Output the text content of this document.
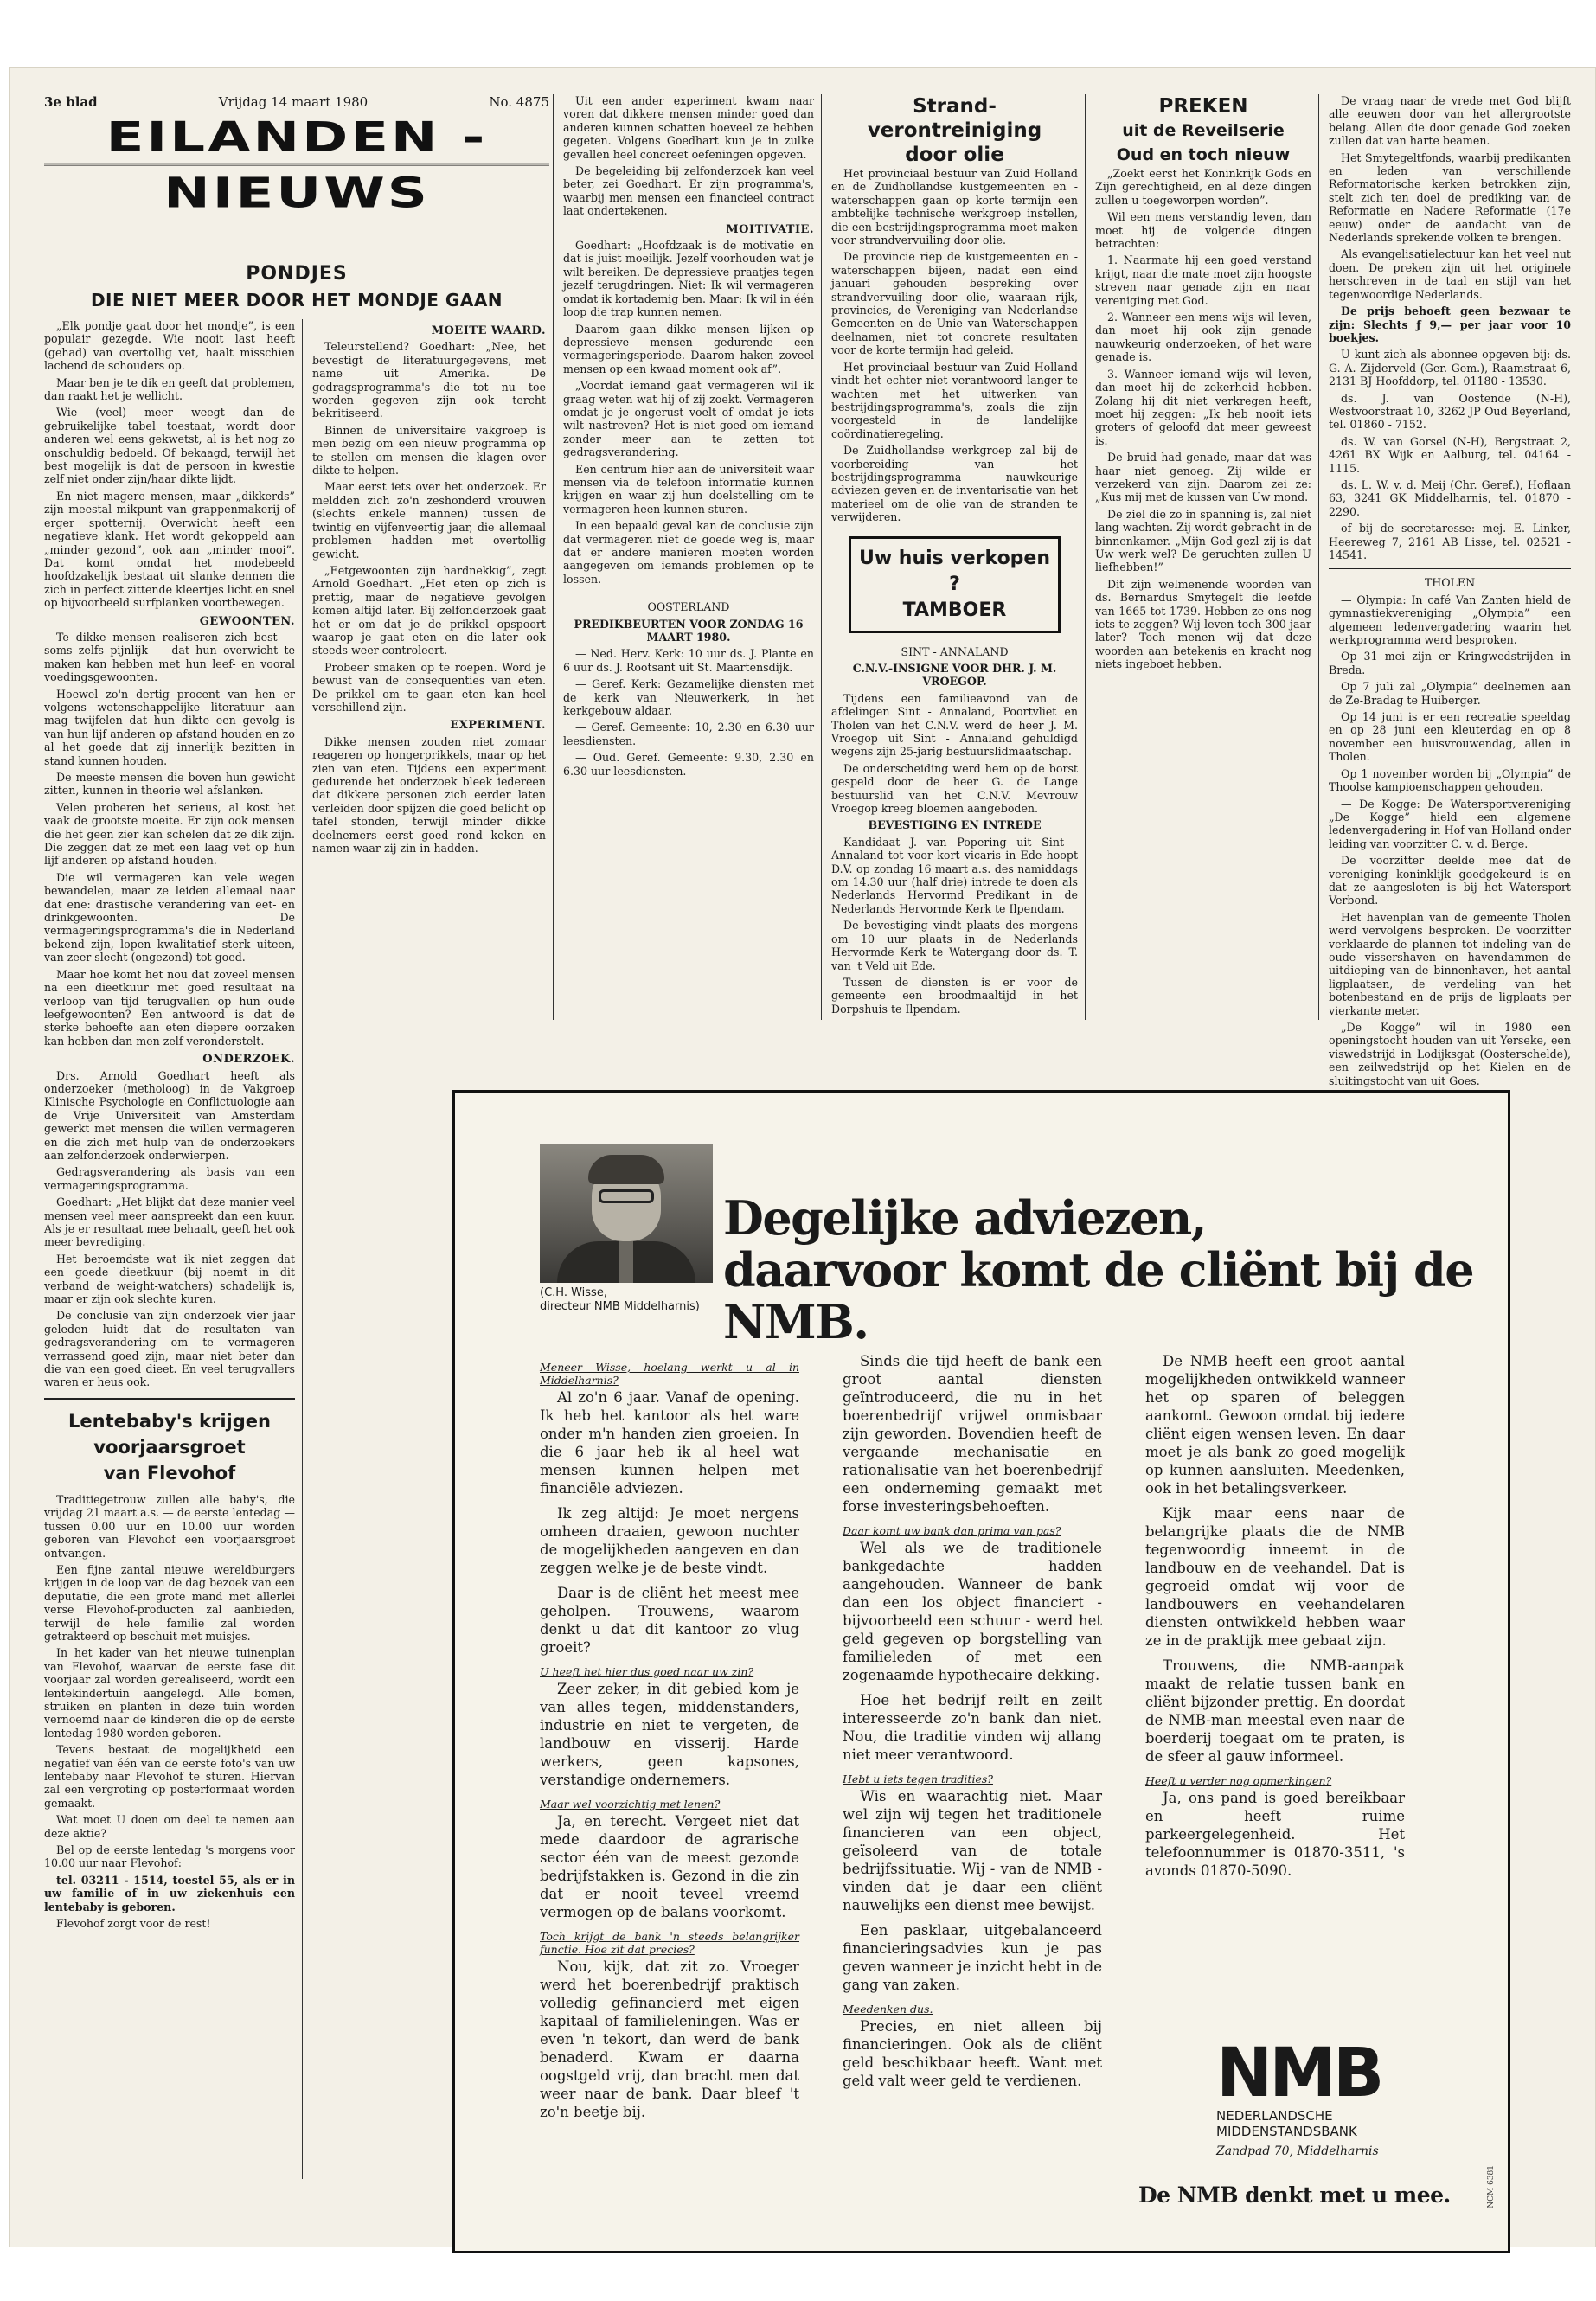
3e blad	Vrijdag 14 maart 1980	No. 4875
EILANDEN - NIEUWS
PONDJES
DIE NIET MEER DOOR HET MONDJE GAAN

„Elk pondje gaat door het mondje”, is een populair gezegde. Wie nooit last heeft (gehad) van overtollig vet, haalt misschien lachend de schouders op.

Maar ben je te dik en geeft dat problemen, dan raakt het je wellicht.

Wie (veel) meer weegt dan de gebruikelijke tabel toestaat, wordt door anderen wel eens gekwetst, al is het nog zo onschuldig bedoeld. Of bekaagd, terwijl het best mogelijk is dat de persoon in kwestie zelf niet onder zijn/haar dikte lijdt.

En niet magere mensen, maar „dikkerds” zijn meestal mikpunt van grappenmakerij of erger spotternij. Overwicht heeft een negatieve klank. Het wordt gekoppeld aan „minder gezond”, ook aan „minder mooi”. Dat komt omdat het modebeeld hoofdzakelijk bestaat uit slanke dennen die zich in perfect zittende kleertjes licht en snel op bijvoorbeeld surfplanken voortbewegen.

GEWOONTEN.

Te dikke mensen realiseren zich best — soms zelfs pijnlijk — dat hun overwicht te maken kan hebben met hun leef- en vooral voedingsgewoonten.

Hoewel zo'n dertig procent van hen er volgens wetenschappelijke literatuur aan mag twijfelen dat hun dikte een gevolg is van hun lijf anderen op afstand houden en zo al het goede dat zij innerlijk bezitten in stand kunnen houden.

De meeste mensen die boven hun gewicht zitten, kunnen in theorie wel afslanken.

Velen proberen het serieus, al kost het vaak de grootste moeite. Er zijn ook mensen die het geen zier kan schelen dat ze dik zijn. Die zeggen dat ze met een laag vet op hun lijf anderen op afstand houden.

Die wil vermageren kan vele wegen bewandelen, maar ze leiden allemaal naar dat ene: drastische verandering van eet- en drinkgewoonten. De vermageringsprogramma's die in Nederland bekend zijn, lopen kwalitatief sterk uiteen, van zeer slecht (ongezond) tot goed.

Maar hoe komt het nou dat zoveel mensen na een dieetkuur met goed resultaat na verloop van tijd terugvallen op hun oude leefgewoonten? Een antwoord is dat de sterke behoefte aan eten diepere oorzaken kan hebben dan men zelf veronderstelt.

ONDERZOEK.

Drs. Arnold Goedhart heeft als onderzoeker (metholoog) in de Vakgroep Klinische Psychologie en Conflictuologie aan de Vrije Universiteit van Amsterdam gewerkt met mensen die willen vermageren en die zich met hulp van de onderzoekers aan zelfonderzoek onderwierpen.

Gedragsverandering als basis van een vermageringsprogramma.

Goedhart: „Het blijkt dat deze manier veel mensen veel meer aanspreekt dan een kuur. Als je er resultaat mee behaalt, geeft het ook meer bevrediging.

Het beroemdste wat ik niet zeggen dat een goede dieetkuur (bij noemt in dit verband de weight-watchers) schadelijk is, maar er zijn ook slechte kuren.

De conclusie van zijn onderzoek vier jaar geleden luidt dat de resultaten van gedragsverandering om te vermageren verrassend goed zijn, maar niet beter dan die van een goed dieet. En veel terugvallers waren er heus ook.

Lentebaby's krijgen
voorjaarsgroet
van Flevohof

Traditiegetrouw zullen alle baby's, die vrijdag 21 maart a.s. — de eerste lentedag — tussen 0.00 uur en 10.00 uur worden geboren van Flevohof een voorjaarsgroet ontvangen.

Een fijne zantal nieuwe wereldburgers krijgen in de loop van de dag bezoek van een deputatie, die een grote mand met allerlei verse Flevohof-producten zal aanbieden, terwijl de hele familie zal worden getrakteerd op beschuit met muisjes.

In het kader van het nieuwe tuinenplan van Flevohof, waarvan de eerste fase dit voorjaar zal worden gerealiseerd, wordt een lentekindertuin aangelegd. Alle bomen, struiken en planten in deze tuin worden vernoemd naar de kinderen die op de eerste lentedag 1980 worden geboren.

Tevens bestaat de mogelijkheid een negatief van één van de eerste foto's van uw lentebaby naar Flevohof te sturen. Hiervan zal een vergroting op posterformaat worden gemaakt.

Wat moet U doen om deel te nemen aan deze aktie?

Bel op de eerste lentedag 's morgens voor 10.00 uur naar Flevohof:

tel. 03211 - 1514, toestel 55, als er in uw familie of in uw ziekenhuis een lentebaby is geboren.

Flevohof zorgt voor de rest!

MOEITE WAARD.

Teleurstellend? Goedhart: „Nee, het bevestigt de literatuurgegevens, met name uit Amerika. De gedragsprogramma's die tot nu toe worden gegeven zijn ook tercht bekritiseerd.

Binnen de universitaire vakgroep is men bezig om een nieuw programma op te stellen om mensen die klagen over dikte te helpen.

Maar eerst iets over het onderzoek. Er meldden zich zo'n zeshonderd vrouwen (slechts enkele mannen) tussen de twintig en vijfenveertig jaar, die allemaal problemen hadden met overtollig gewicht.

„Eetgewoonten zijn hardnekkig”, zegt Arnold Goedhart. „Het eten op zich is prettig, maar de negatieve gevolgen komen altijd later. Bij zelfonderzoek gaat het er om dat je de prikkel opspoort waarop je gaat eten en die later ook steeds weer controleert.

Probeer smaken op te roepen. Word je bewust van de consequenties van eten. De prikkel om te gaan eten kan heel verschillend zijn.

EXPERIMENT.

Dikke mensen zouden niet zomaar reageren op hongerprikkels, maar op het zien van eten. Tijdens een experiment gedurende het onderzoek bleek iedereen dat dikkere personen zich eerder laten verleiden door spijzen die goed belicht op tafel stonden, terwijl minder dikke deelnemers eerst goed rond keken en namen waar zij zin in hadden.

Uit een ander experiment kwam naar voren dat dikkere mensen minder goed dan anderen kunnen schatten hoeveel ze hebben gegeten. Volgens Goedhart kun je in zulke gevallen heel concreet oefeningen opgeven.

De begeleiding bij zelfonderzoek kan veel beter, zei Goedhart. Er zijn programma's, waarbij men mensen een financieel contract laat ondertekenen.

MOITIVATIE.

Goedhart: „Hoofdzaak is de motivatie en dat is juist moeilijk. Jezelf voorhouden wat je wilt bereiken. De depressieve praatjes tegen jezelf terugdringen. Niet: Ik wil vermageren omdat ik kortademig ben. Maar: Ik wil in één loop die trap kunnen nemen.

Daarom gaan dikke mensen lijken op depressieve mensen gedurende een vermageringsperiode. Daarom haken zoveel mensen op een kwaad moment ook af”.

„Voordat iemand gaat vermageren wil ik graag weten wat hij of zij zoekt. Vermageren omdat je je ongerust voelt of omdat je iets wilt nastreven? Het is niet goed om iemand zonder meer aan te zetten tot gedragsverandering.

Een centrum hier aan de universiteit waar mensen via de telefoon informatie kunnen krijgen en waar zij hun doelstelling om te vermageren heen kunnen sturen.

In een bepaald geval kan de conclusie zijn dat vermageren niet de goede weg is, maar dat er andere manieren moeten worden aangegeven om iemands problemen op te lossen.

OOSTERLAND

PREDIKBEURTEN VOOR ZONDAG 16 MAART 1980.

— Ned. Herv. Kerk: 10 uur ds. J. Plante en 6 uur ds. J. Rootsant uit St. Maartensdijk.

— Geref. Kerk: Gezamelijke diensten met de kerk van Nieuwerkerk, in het kerkgebouw aldaar.

— Geref. Gemeente: 10, 2.30 en 6.30 uur leesdiensten.

— Oud. Geref. Gemeente: 9.30, 2.30 en 6.30 uur leesdiensten.

Strand-
verontreiniging
door olie

Het provinciaal bestuur van Zuid Holland en de Zuidhollandse kustgemeenten en -waterschappen gaan op korte termijn een ambtelijke technische werkgroep instellen, die een bestrijdingsprogramma moet maken voor strandvervuiling door olie.

De provincie riep de kustgemeenten en -waterschappen bijeen, nadat een eind januari gehouden bespreking over strandvervuiling door olie, waaraan rijk, provincies, de Vereniging van Nederlandse Gemeenten en de Unie van Waterschappen deelnamen, niet tot concrete resultaten voor de korte termijn had geleid.

Het provinciaal bestuur van Zuid Holland vindt het echter niet verantwoord langer te wachten met het uitwerken van bestrijdingsprogramma's, zoals die zijn voorgesteld in de landelijke coördinatieregeling.

De Zuidhollandse werkgroep zal bij de voorbereiding van het bestrijdingsprogramma nauwkeurige adviezen geven en de inventarisatie van het materieel om de olie van de stranden te verwijderen.

Uw huis verkopen ?
TAMBOER

SINT - ANNALAND

C.N.V.-INSIGNE VOOR DHR. J. M. VROEGOP.

Tijdens een familieavond van de afdelingen Sint - Annaland, Poortvliet en Tholen van het C.N.V. werd de heer J. M. Vroegop uit Sint - Annaland gehuldigd wegens zijn 25-jarig bestuurslidmaatschap.

De onderscheiding werd hem op de borst gespeld door de heer G. de Lange bestuurslid van het C.N.V. Mevrouw Vroegop kreeg bloemen aangeboden.

BEVESTIGING EN INTREDE

Kandidaat J. van Popering uit Sint - Annaland tot voor kort vicaris in Ede hoopt D.V. op zondag 16 maart a.s. des namiddags om 14.30 uur (half drie) intrede te doen als Nederlands Hervormd Predikant in de Nederlands Hervormde Kerk te Ilpendam.

De bevestiging vindt plaats des morgens om 10 uur plaats in de Nederlands Hervormde Kerk te Watergang door ds. T. van 't Veld uit Ede.

Tussen de diensten is er voor de gemeente een broodmaaltijd in het Dorpshuis te Ilpendam.

PREKEN
uit de Reveilserie
Oud en toch nieuw

„Zoekt eerst het Koninkrijk Gods en Zijn gerechtigheid, en al deze dingen zullen u toegeworpen worden”.

Wil een mens verstandig leven, dan moet hij de volgende dingen betrachten:

1. Naarmate hij een goed verstand krijgt, naar die mate moet zijn hoogste streven naar genade zijn en naar vereniging met God.

2. Wanneer een mens wijs wil leven, dan moet hij ook zijn genade nauwkeurig onderzoeken, of het ware genade is.

3. Wanneer iemand wijs wil leven, dan moet hij de zekerheid hebben. Zolang hij dit niet verkregen heeft, moet hij zeggen: „Ik heb nooit iets groters of geloofd dat meer geweest is.

De bruid had genade, maar dat was haar niet genoeg. Zij wilde er verzekerd van zijn. Daarom zei ze: „Kus mij met de kussen van Uw mond.

De ziel die zo in spanning is, zal niet lang wachten. Zij wordt gebracht in de binnenkamer. „Mijn God-gezl zij-is dat Uw werk wel? De geruchten zullen U liefhebben!”

Dit zijn welmenende woorden van ds. Bernardus Smytegelt die leefde van 1665 tot 1739. Hebben ze ons nog iets te zeggen? Wij leven toch 300 jaar later? Toch menen wij dat deze woorden aan betekenis en kracht nog niets ingeboet hebben.

De vraag naar de vrede met God blijft alle eeuwen door van het allergrootste belang. Allen die door genade God zoeken zullen dat van harte beamen.

Het Smytegeltfonds, waarbij predikanten en leden van verschillende Reformatorische kerken betrokken zijn, stelt zich ten doel de prediking van de Reformatie en Nadere Reformatie (17e eeuw) onder de aandacht van de Nederlands sprekende volken te brengen.

Als evangelisatielectuur kan het veel nut doen. De preken zijn uit het originele herschreven in de taal en stijl van het tegenwoordige Nederlands.

De prijs behoeft geen bezwaar te zijn: Slechts ƒ 9,— per jaar voor 10 boekjes.

U kunt zich als abonnee opgeven bij: ds. G. A. Zijderveld (Ger. Gem.), Raamstraat 6, 2131 BJ Hoofddorp, tel. 01180 - 13530.

ds. J. van Oostende (N-H), Westvoorstraat 10, 3262 JP Oud Beyerland, tel. 01860 - 7152.

ds. W. van Gorsel (N-H), Bergstraat 2, 4261 BX Wijk en Aalburg, tel. 04164 - 1115.

ds. L. W. v. d. Meij (Chr. Geref.), Hoflaan 63, 3241 GK Middelharnis, tel. 01870 - 2290.

of bij de secretaresse: mej. E. Linker, Heereweg 7, 2161 AB Lisse, tel. 02521 - 14541.

THOLEN

— Olympia: In café Van Zanten hield de gymnastiekvereniging „Olympia” een algemeen ledenvergadering waarin het werkprogramma werd besproken.

Op 31 mei zijn er Kringwedstrijden in Breda.

Op 7 juli zal „Olympia” deelnemen aan de Ze-Bradag te Huiberger.

Op 14 juni is er een recreatie speeldag en op 28 juni een kleuterdag en op 8 november een huisvrouwendag, allen in Tholen.

Op 1 november worden bij „Olympia” de Thoolse kampioenschappen gehouden.

— De Kogge: De Watersportvereniging „De Kogge” hield een algemene ledenvergadering in Hof van Holland onder leiding van voorzitter C. v. d. Berge.

De voorzitter deelde mee dat de vereniging koninklijk goedgekeurd is en dat ze aangesloten is bij het Watersport Verbond.

Het havenplan van de gemeente Tholen werd vervolgens besproken. De voorzitter verklaarde de plannen tot indeling van de oude vissershaven en havendammen de uitdieping van de binnenhaven, het aantal ligplaatsen, de verdeling van het botenbestand en de prijs de ligplaats per vierkante meter.

„De Kogge” wil in 1980 een openingstocht houden van uit Yerseke, een viswedstrijd in Lodijksgat (Oosterschelde), een zeilwedstrijd op het Kielen en de sluitingstocht van uit Goes.

(C.H. Wisse,
directeur NMB Middelharnis)
Degelijke adviezen,
daarvoor komt de cliënt bij de NMB.

Meneer Wisse, hoelang werkt u al in Middelharnis?

Al zo'n 6 jaar. Vanaf de opening. Ik heb het kantoor als het ware onder m'n handen zien groeien. In die 6 jaar heb ik al heel wat mensen kunnen helpen met financiële adviezen.

Ik zeg altijd: Je moet nergens omheen draaien, gewoon nuchter de mogelijkheden aangeven en dan zeggen welke je de beste vindt.

Daar is de cliënt het meest mee geholpen. Trouwens, waarom denkt u dat dit kantoor zo vlug groeit?

U heeft het hier dus goed naar uw zin?

Zeer zeker, in dit gebied kom je van alles tegen, middenstanders, industrie en niet te vergeten, de landbouw en visserij. Harde werkers, geen kapsones, verstandige ondernemers.

Maar wel voorzichtig met lenen?

Ja, en terecht. Vergeet niet dat mede daardoor de agrarische sector één van de meest gezonde bedrijfstakken is. Gezond in die zin dat er nooit teveel vreemd vermogen op de balans voorkomt.

Toch krijgt de bank 'n steeds belangrijker functie. Hoe zit dat precies?

Nou, kijk, dat zit zo. Vroeger werd het boerenbedrijf praktisch volledig gefinancierd met eigen kapitaal of familieleningen. Was er even 'n tekort, dan werd de bank benaderd. Kwam er daarna oogstgeld vrij, dan bracht men dat weer naar de bank. Daar bleef 't zo'n beetje bij.

Sinds die tijd heeft de bank een groot aantal diensten geïntroduceerd, die nu in het boerenbedrijf vrijwel onmisbaar zijn geworden. Bovendien heeft de vergaande mechanisatie en rationalisatie van het boerenbedrijf een onderneming gemaakt met forse investeringsbehoeften.

Daar komt uw bank dan prima van pas?

Wel als we de traditionele bankgedachte hadden aangehouden. Wanneer de bank dan een los object financiert - bijvoorbeeld een schuur - werd het geld gegeven op borgstelling van familieleden of met een zogenaamde hypothecaire dekking.

Hoe het bedrijf reilt en zeilt interesseerde zo'n bank dan niet. Nou, die traditie vinden wij allang niet meer verantwoord.

Hebt u iets tegen tradities?

Wis en waarachtig niet. Maar wel zijn wij tegen het traditionele financieren van een object, geïsoleerd van de totale bedrijfssituatie. Wij - van de NMB - vinden dat je daar een cliënt nauwelijks een dienst mee bewijst.

Een pasklaar, uitgebalanceerd financieringsadvies kun je pas geven wanneer je inzicht hebt in de gang van zaken.

Meedenken dus.

Precies, en niet alleen bij financieringen. Ook als de cliënt geld beschikbaar heeft. Want met geld valt weer geld te verdienen.

De NMB heeft een groot aantal mogelijkheden ontwikkeld wanneer het op sparen of beleggen aankomt. Gewoon omdat bij iedere cliënt eigen wensen leven. En daar moet je als bank zo goed mogelijk op kunnen aansluiten. Meedenken, ook in het betalingsverkeer.

Kijk maar eens naar de belangrijke plaats die de NMB tegenwoordig inneemt in de landbouw en de veehandel. Dat is gegroeid omdat wij voor de landbouwers en veehandelaren diensten ontwikkeld hebben waar ze in de praktijk mee gebaat zijn.

Trouwens, die NMB-aanpak maakt de relatie tussen bank en cliënt bijzonder prettig. En doordat de NMB-man meestal even naar de boerderij toegaat om te praten, is de sfeer al gauw informeel.

Heeft u verder nog opmerkingen?

Ja, ons pand is goed bereikbaar en heeft ruime parkeergelegenheid. Het telefoonnummer is 01870-3511, 's avonds 01870-5090.

NMB
NEDERLANDSCHE
MIDDENSTANDSBANK
Zandpad 70, Middelharnis
De NMB denkt met u mee.	NCM 6381
